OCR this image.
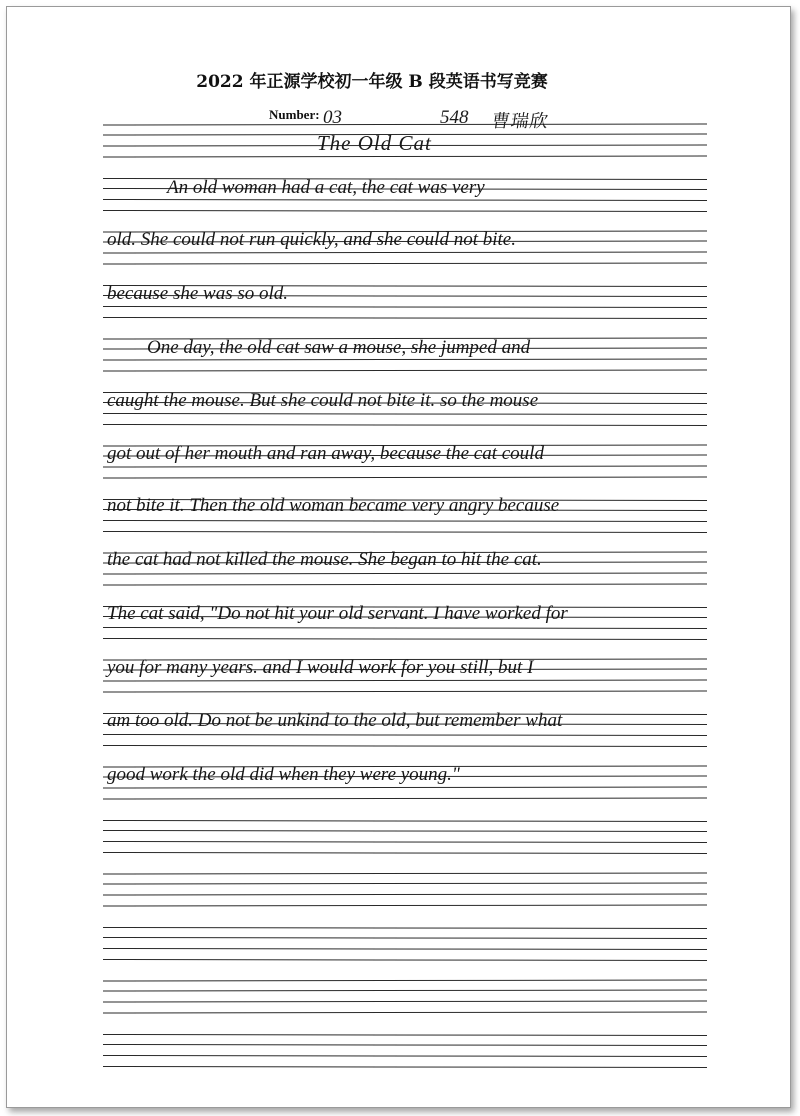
2022 年正源学校初一年级 B 段英语书写竞赛
Number: 03	548 曹瑞欣
The Old Cat
An old woman had a cat, the cat was very
old. She could not run quickly, and she could not bite.
because she was so old.
One day, the old cat saw a mouse, she jumped and
caught the mouse. But she could not bite it. so the mouse
got out of her mouth and ran away, because the cat could
not bite it. Then the old woman became very angry because
the cat had not killed the mouse. She began to hit the cat.
The cat said, "Do not hit your old servant. I have worked for
you for many years. and I would work for you still, but I
am too old. Do not be unkind to the old, but remember what
good work the old did when they were young."
